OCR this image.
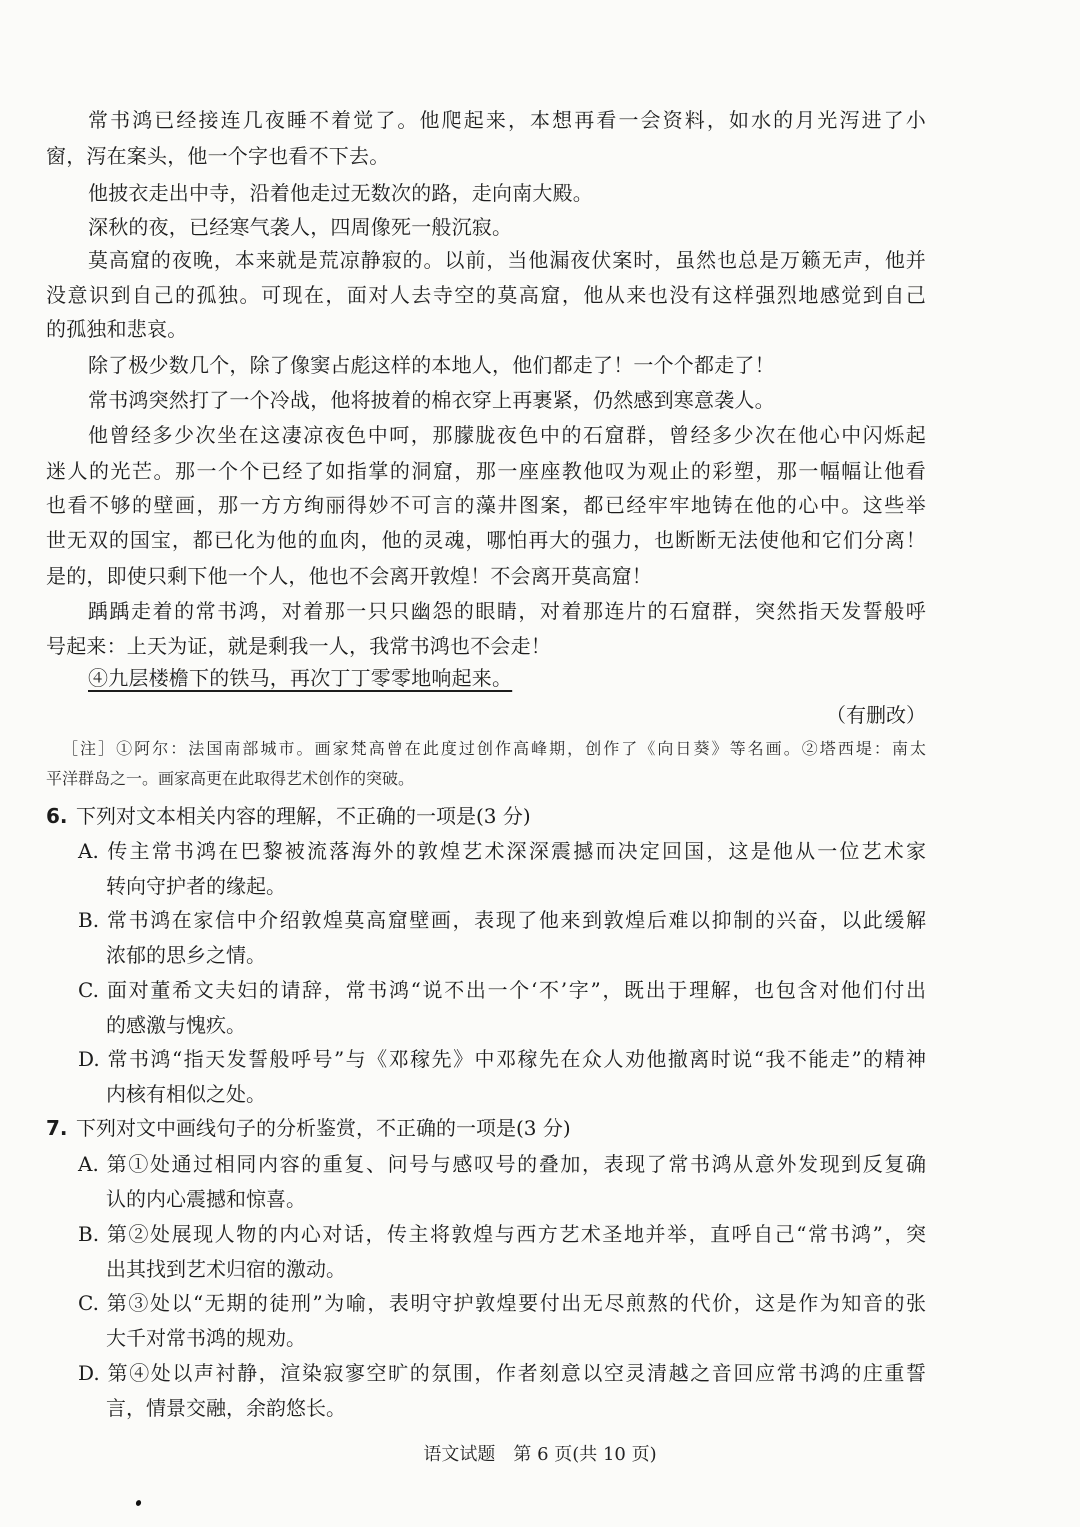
常书鸿已经接连几夜睡不着觉了。他爬起来，本想再看一会资料，如水的月光泻进了小
窗，泻在案头，他一个字也看不下去。
他披衣走出中寺，沿着他走过无数次的路，走向南大殿。
深秋的夜，已经寒气袭人，四周像死一般沉寂。
莫高窟的夜晚，本来就是荒凉静寂的。以前，当他漏夜伏案时，虽然也总是万籁无声，他并
没意识到自己的孤独。可现在，面对人去寺空的莫高窟，他从来也没有这样强烈地感觉到自己
的孤独和悲哀。
除了极少数几个，除了像窦占彪这样的本地人，他们都走了！一个个都走了！
常书鸿突然打了一个冷战，他将披着的棉衣穿上再裹紧，仍然感到寒意袭人。
他曾经多少次坐在这凄凉夜色中呵，那朦胧夜色中的石窟群，曾经多少次在他心中闪烁起
迷人的光芒。那一个个已经了如指掌的洞窟，那一座座教他叹为观止的彩塑，那一幅幅让他看
也看不够的壁画，那一方方绚丽得妙不可言的藻井图案，都已经牢牢地铸在他的心中。这些举
世无双的国宝，都已化为他的血肉，他的灵魂，哪怕再大的强力，也断断无法使他和它们分离！
是的，即使只剩下他一个人，他也不会离开敦煌！不会离开莫高窟！
踽踽走着的常书鸿，对着那一只只幽怨的眼睛，对着那连片的石窟群，突然指天发誓般呼
号起来：上天为证，就是剩我一人，我常书鸿也不会走！
④九层楼檐下的铁马，再次丁丁零零地响起来。
（有删改）
［注］①阿尔：法国南部城市。画家梵高曾在此度过创作高峰期，创作了《向日葵》等名画。②塔西堤：南太
平洋群岛之一。画家高更在此取得艺术创作的突破。
6. 下列对文本相关内容的理解，不正确的一项是(3 分)
A. 传主常书鸿在巴黎被流落海外的敦煌艺术深深震撼而决定回国，这是他从一位艺术家
转向守护者的缘起。
B. 常书鸿在家信中介绍敦煌莫高窟壁画，表现了他来到敦煌后难以抑制的兴奋，以此缓解
浓郁的思乡之情。
C. 面对董希文夫妇的请辞，常书鸿“说不出一个‘不’字”，既出于理解，也包含对他们付出
的感激与愧疚。
D. 常书鸿“指天发誓般呼号”与《邓稼先》中邓稼先在众人劝他撤离时说“我不能走”的精神
内核有相似之处。
7. 下列对文中画线句子的分析鉴赏，不正确的一项是(3 分)
A. 第①处通过相同内容的重复、问号与感叹号的叠加，表现了常书鸿从意外发现到反复确
认的内心震撼和惊喜。
B. 第②处展现人物的内心对话，传主将敦煌与西方艺术圣地并举，直呼自己“常书鸿”，突
出其找到艺术归宿的激动。
C. 第③处以“无期的徒刑”为喻，表明守护敦煌要付出无尽煎熬的代价，这是作为知音的张
大千对常书鸿的规劝。
D. 第④处以声衬静，渲染寂寥空旷的氛围，作者刻意以空灵清越之音回应常书鸿的庄重誓
言，情景交融，余韵悠长。
语文试题　第 6 页(共 10 页)
